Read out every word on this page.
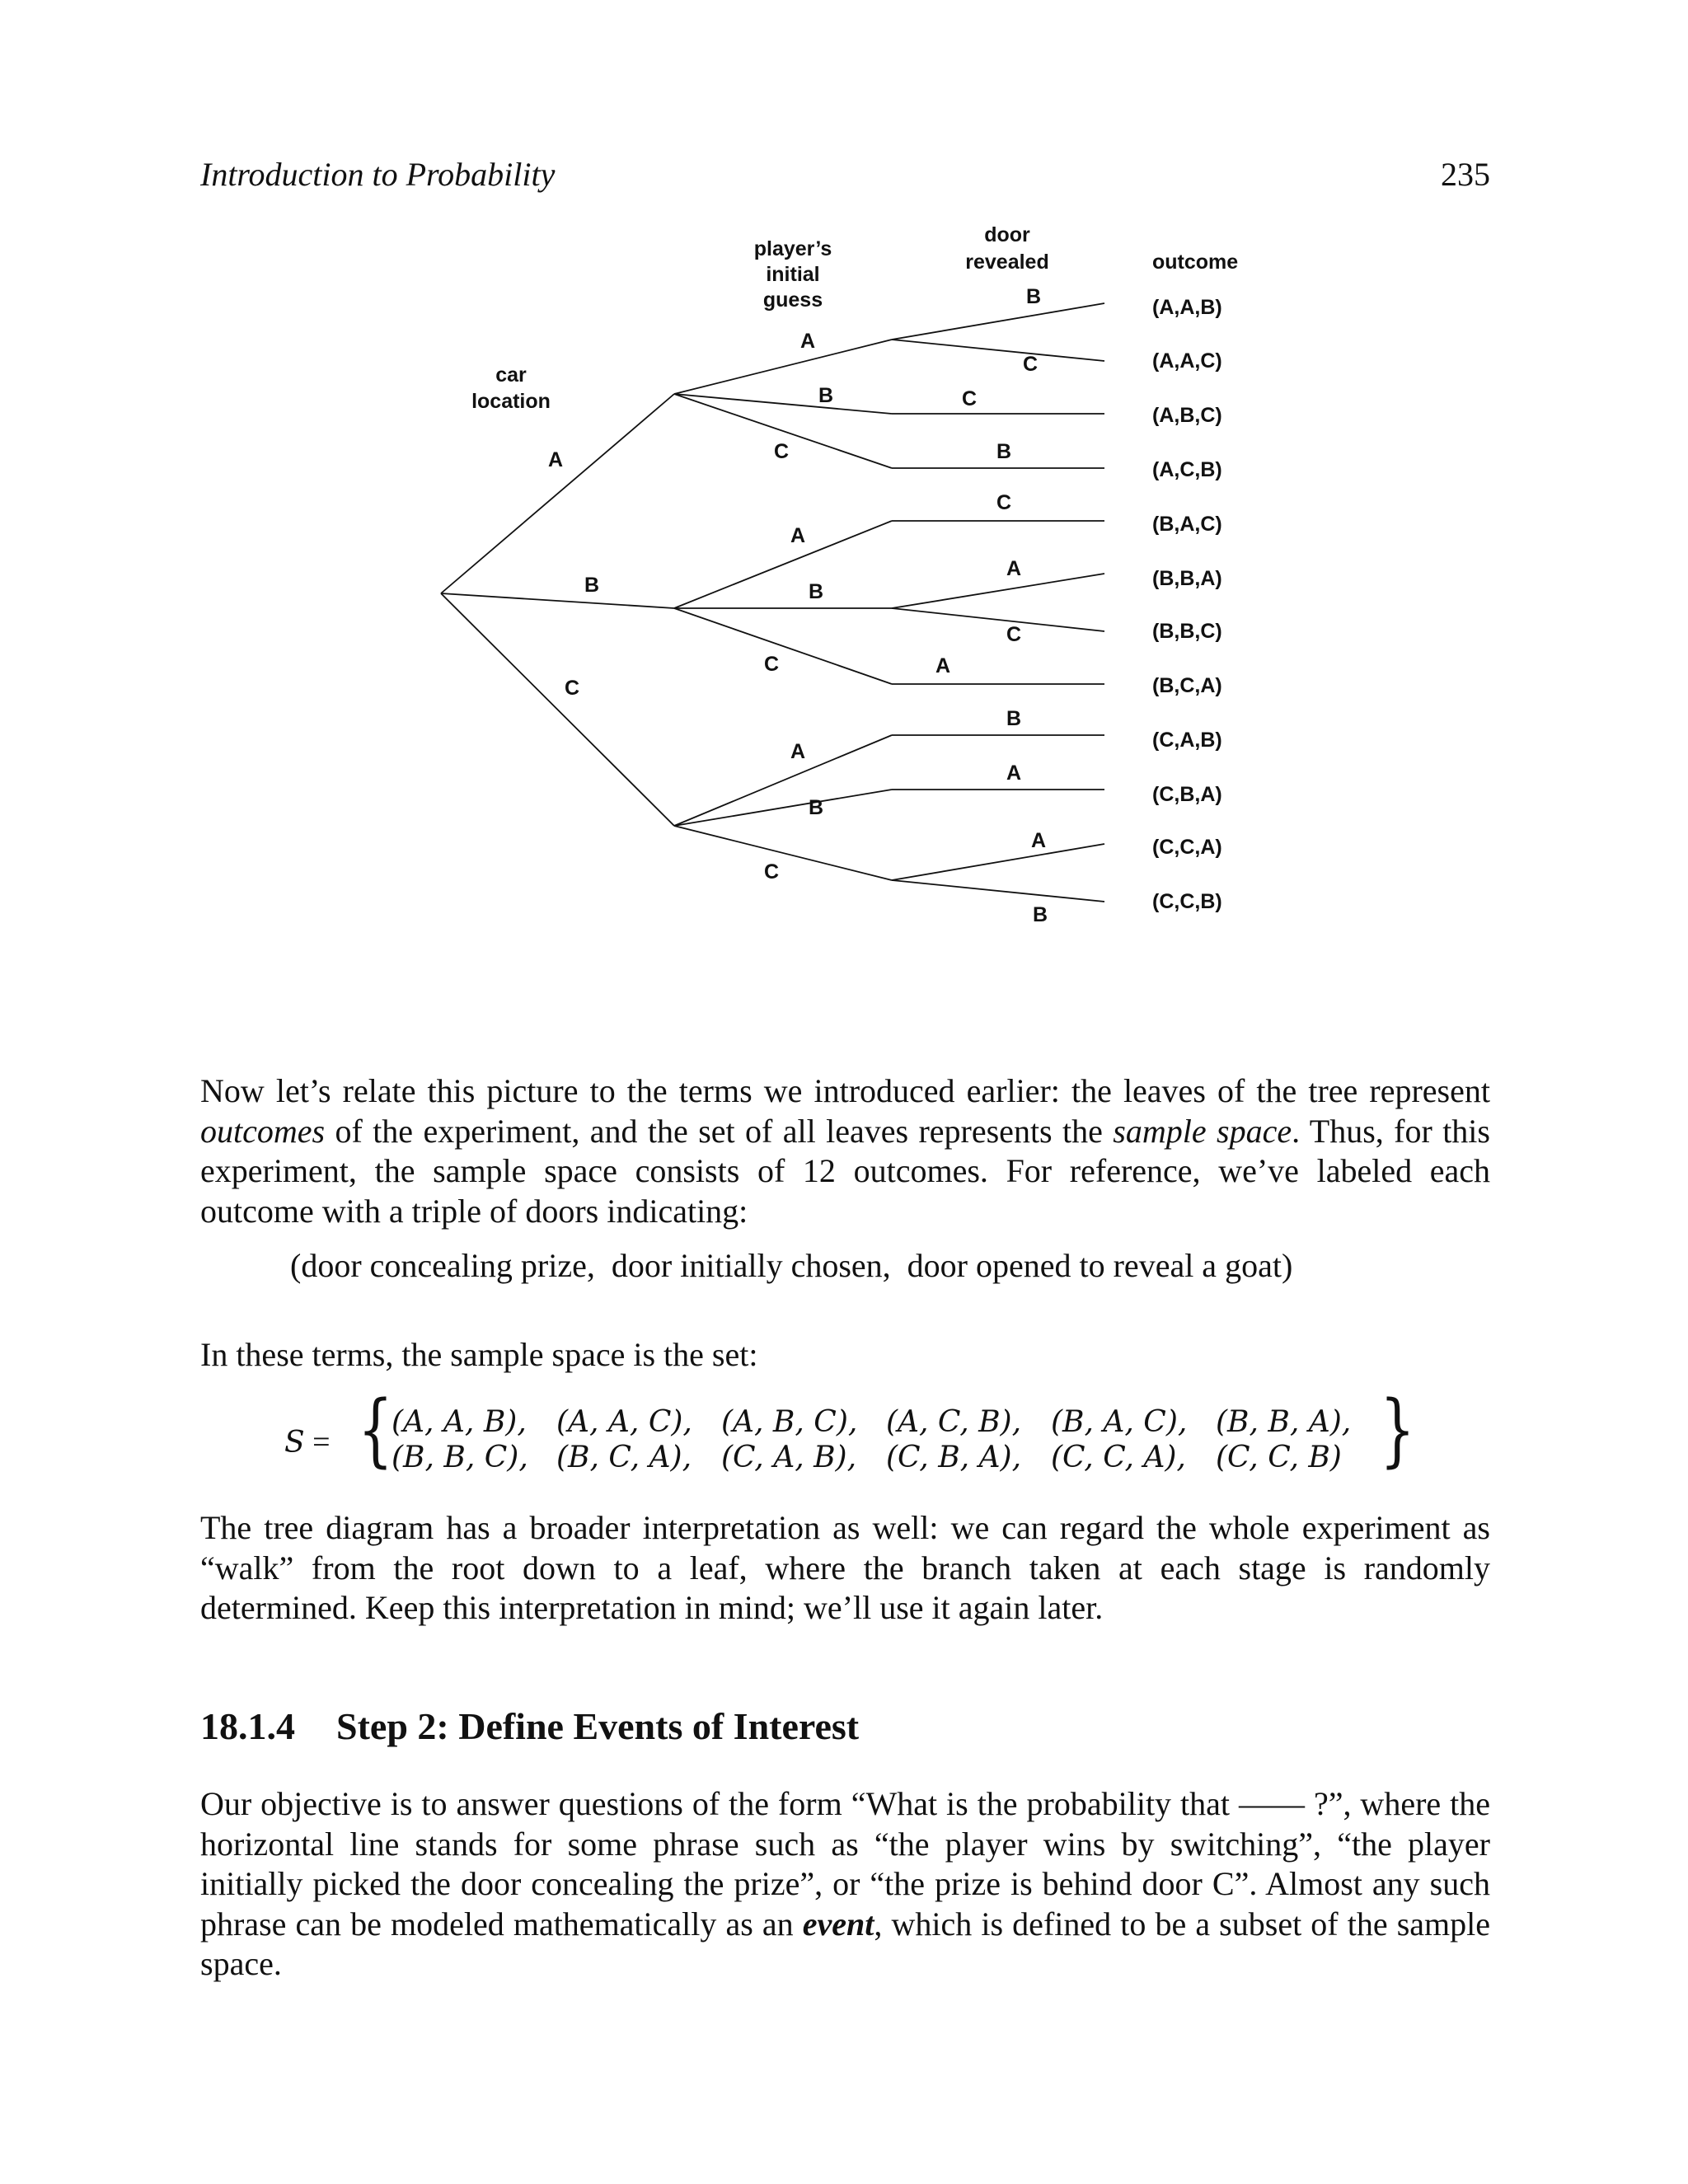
Introduction to Probability	235
car
location
player’s
initial
guess
door
revealed	outcome
A
B
C
A
B
C
A
B
C
A
B
C
B
C
C
B
C
A
C
A
B
A
A
B
(A,A,B)
(A,A,C)
(A,B,C)
(A,C,B)
(B,A,C)
(B,B,A)
(B,B,C)
(B,C,A)
(C,A,B)
(C,B,A)
(C,C,A)
(C,C,B)

Now let’s relate this picture to the terms we introduced earlier: the leaves of the tree represent outcomes of the experiment, and the set of all leaves represents the sample space. Thus, for this experiment, the sample space consists of 12 outcomes. For reference, we’ve labeled each outcome with a triple of doors indicating:

(door concealing prize, door initially chosen, door opened to reveal a goat)

In these terms, the sample space is the set:

S = {
(A, A, B), (A, A, C), (A, B, C), (A, C, B), (B, A, C), (B, B, A),
(B, B, C), (B, C, A), (C, A, B), (C, B, A), (C, C, A), (C, C, B) }

The tree diagram has a broader interpretation as well: we can regard the whole experiment as “walk” from the root down to a leaf, where the branch taken at each stage is randomly determined. Keep this interpretation in mind; we’ll use it again later.

18.1.4 Step 2: Define Events of Interest

Our objective is to answer questions of the form “What is the probability that —— ?”, where the horizontal line stands for some phrase such as “the player wins by switching”, “the player initially picked the door concealing the prize”, or “the prize is behind door C”. Almost any such phrase can be modeled mathematically as an event, which is defined to be a subset of the sample space.
